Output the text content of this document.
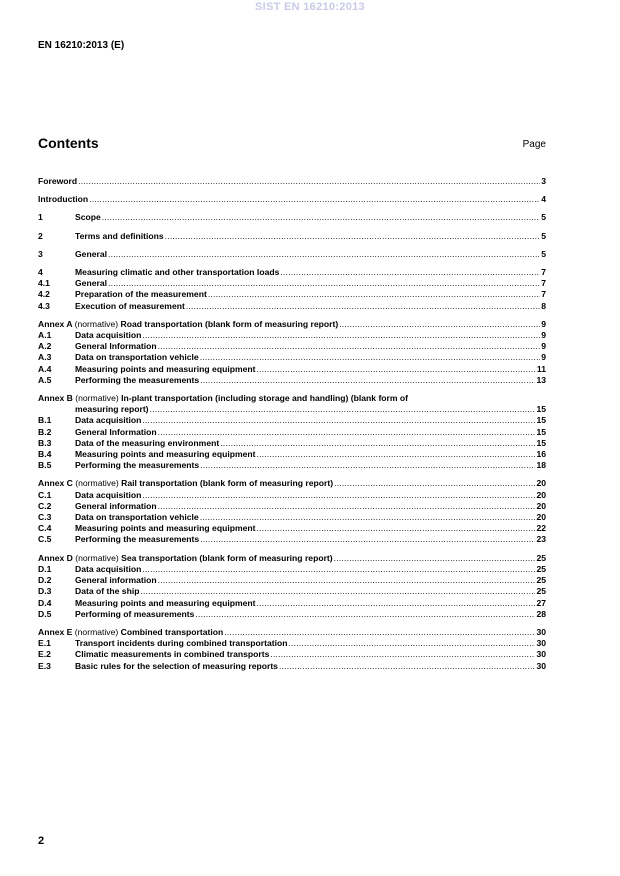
SIST EN 16210:2013
EN 16210:2013 (E)
Contents	Page
Foreword .....	3
Introduction .....	4
1	Scope .....	5
2	Terms and definitions .....	5
3	General .....	5
4	Measuring climatic and other transportation loads .....	7
4.1	General .....	7
4.2	Preparation of the measurement .....	7
4.3	Execution of measurement .....	8
Annex A (normative) Road transportation (blank form of measuring report) .....	9
A.1	Data acquisition .....	9
A.2	General Information .....	9
A.3	Data on transportation vehicle .....	9
A.4	Measuring points and measuring equipment .....	11
A.5	Performing the measurements .....	13
Annex B (normative) In-plant transportation (including storage and handling) (blank form of
measuring report) .....	15
B.1	Data acquisition .....	15
B.2	General Information .....	15
B.3	Data of the measuring environment .....	15
B.4	Measuring points and measuring equipment .....	16
B.5	Performing the measurements .....	18
Annex C (normative) Rail transportation (blank form of measuring report) .....	20
C.1	Data acquisition .....	20
C.2	General information .....	20
C.3	Data on transportation vehicle .....	20
C.4	Measuring points and measuring equipment .....	22
C.5	Performing the measurements .....	23
Annex D (normative) Sea transportation (blank form of measuring report) .....	25
D.1	Data acquisition .....	25
D.2	General information .....	25
D.3	Data of the ship .....	25
D.4	Measuring points and measuring equipment .....	27
D.5	Performing of measurements .....	28
Annex E (normative) Combined transportation .....	30
E.1	Transport incidents during combined transportation .....	30
E.2	Climatic measurements in combined transports .....	30
E.3	Basic rules for the selection of measuring reports .....	30
2
